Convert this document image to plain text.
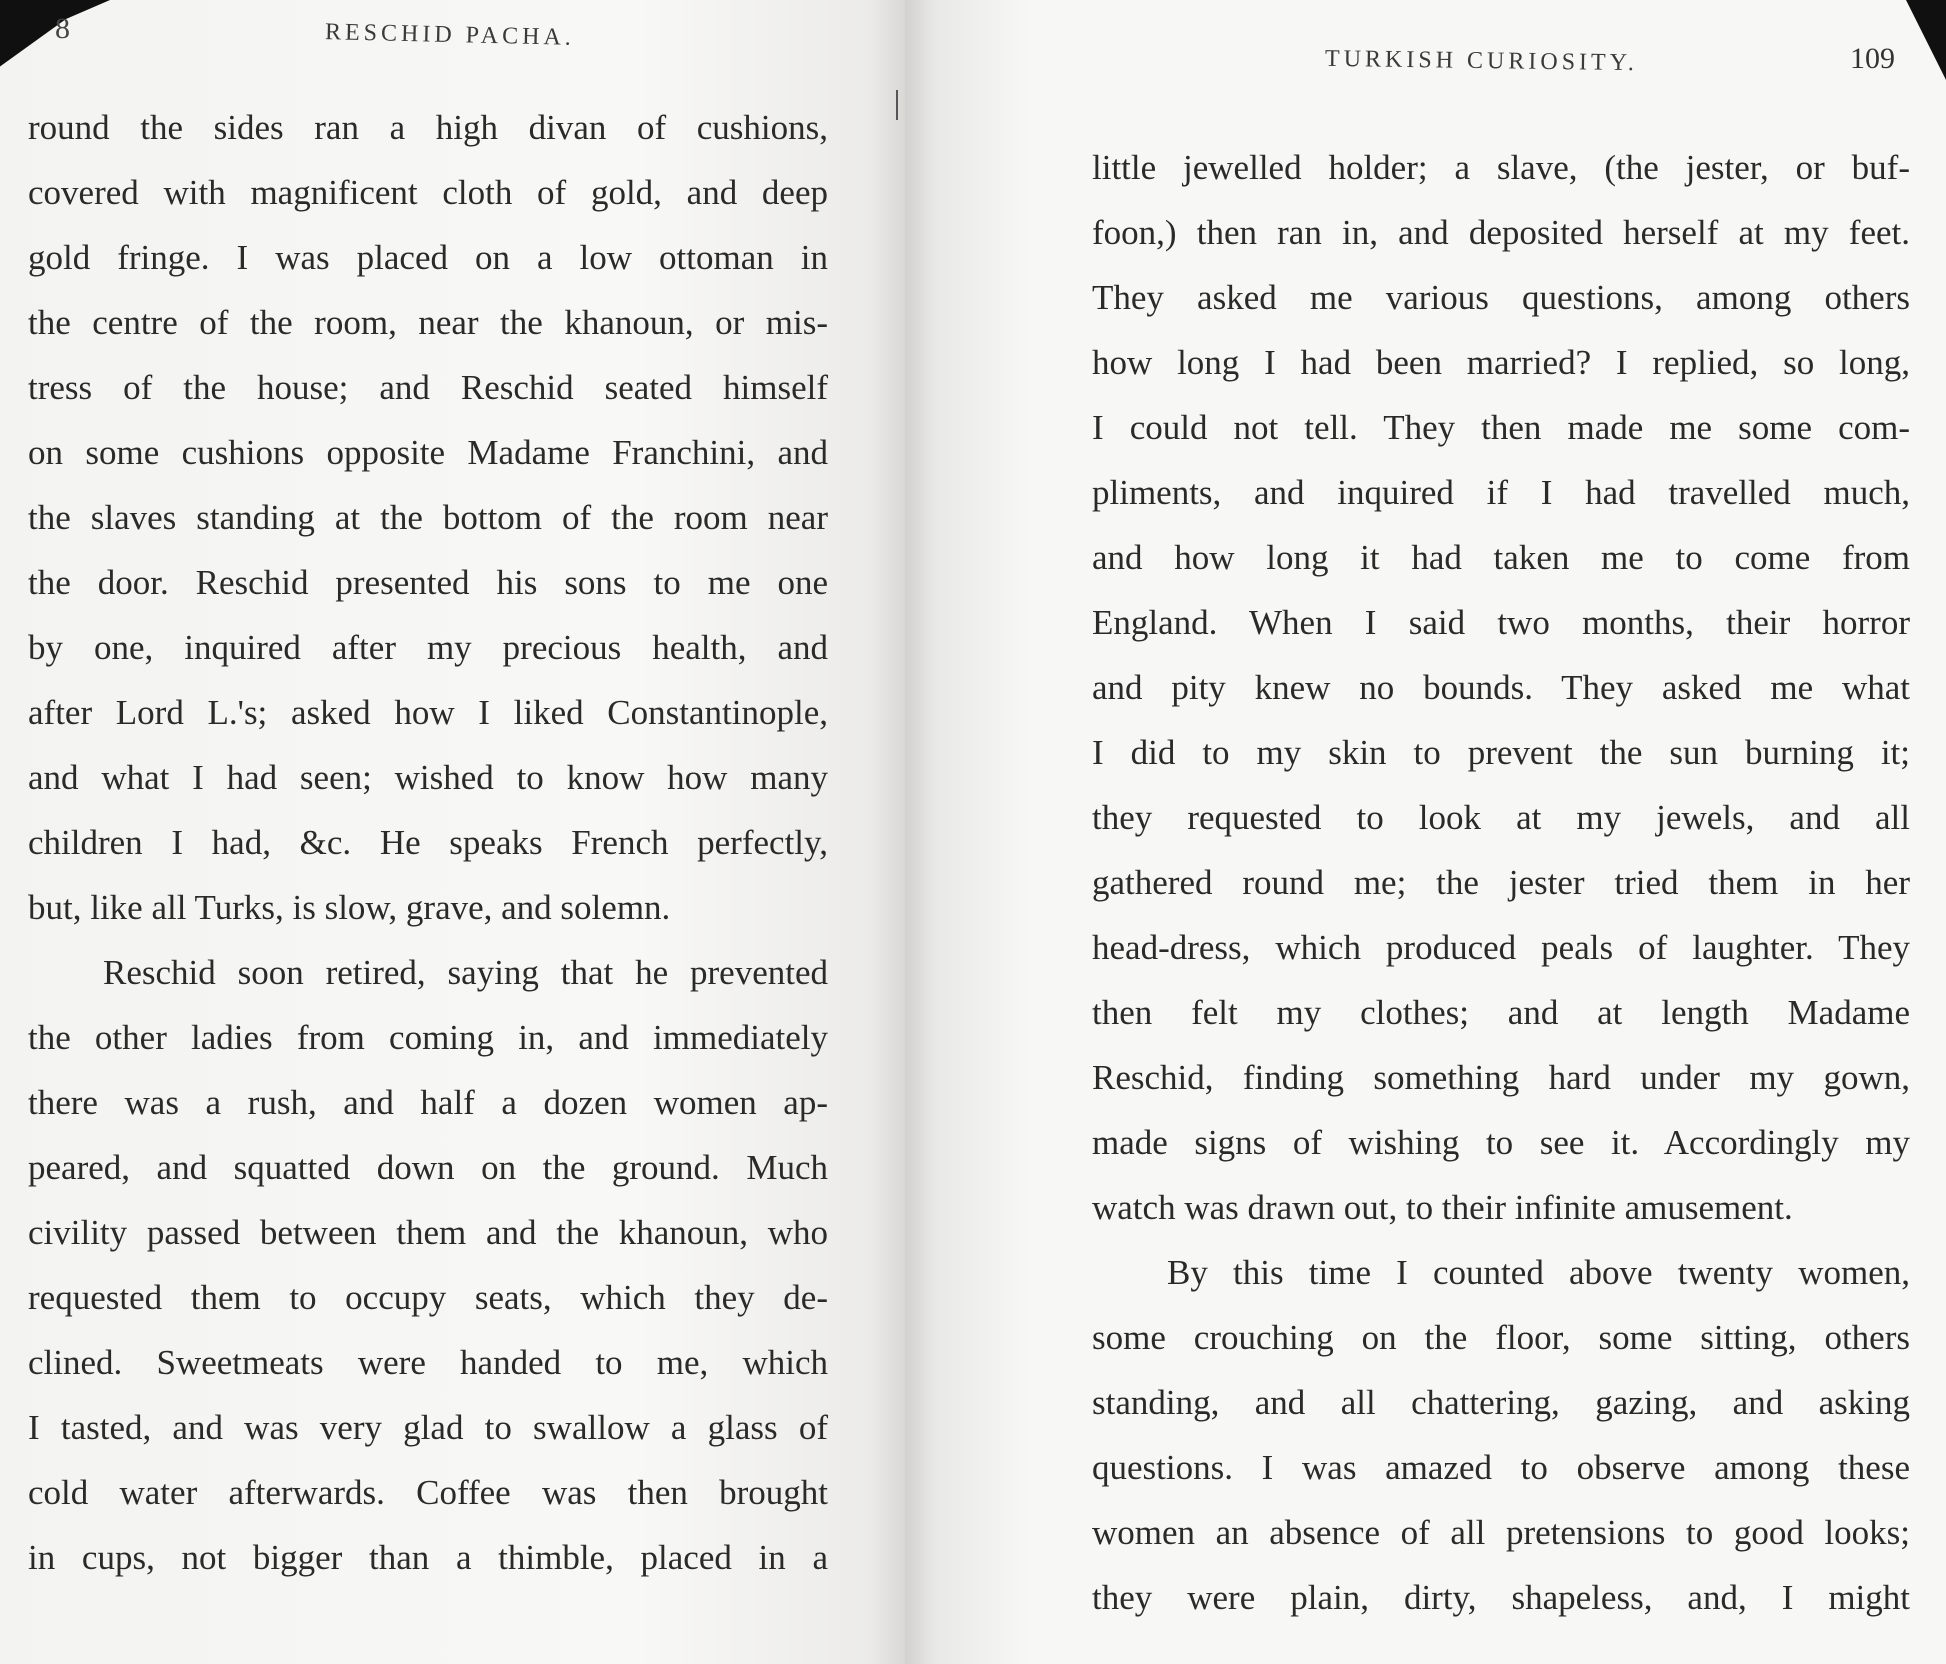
8	RESCHID PACHA.
round the sides ran a high divan of cushions,
covered with magnificent cloth of gold, and deep
gold fringe. I was placed on a low ottoman in
the centre of the room, near the khanoun, or mis-
tress of the house; and Reschid seated himself
on some cushions opposite Madame Franchini, and
the slaves standing at the bottom of the room near
the door. Reschid presented his sons to me one
by one, inquired after my precious health, and
after Lord L.'s; asked how I liked Constantinople,
and what I had seen; wished to know how many
children I had, &c. He speaks French perfectly,
but, like all Turks, is slow, grave, and solemn.
Reschid soon retired, saying that he prevented
the other ladies from coming in, and immediately
there was a rush, and half a dozen women ap-
peared, and squatted down on the ground. Much
civility passed between them and the khanoun, who
requested them to occupy seats, which they de-
clined. Sweetmeats were handed to me, which
I tasted, and was very glad to swallow a glass of
cold water afterwards. Coffee was then brought
in cups, not bigger than a thimble, placed in a
TURKISH CURIOSITY.	109
little jewelled holder; a slave, (the jester, or buf-
foon,) then ran in, and deposited herself at my feet.
They asked me various questions, among others
how long I had been married? I replied, so long,
I could not tell. They then made me some com-
pliments, and inquired if I had travelled much,
and how long it had taken me to come from
England. When I said two months, their horror
and pity knew no bounds. They asked me what
I did to my skin to prevent the sun burning it;
they requested to look at my jewels, and all
gathered round me; the jester tried them in her
head-dress, which produced peals of laughter. They
then felt my clothes; and at length Madame
Reschid, finding something hard under my gown,
made signs of wishing to see it. Accordingly my
watch was drawn out, to their infinite amusement.
By this time I counted above twenty women,
some crouching on the floor, some sitting, others
standing, and all chattering, gazing, and asking
questions. I was amazed to observe among these
women an absence of all pretensions to good looks;
they were plain, dirty, shapeless, and, I might
